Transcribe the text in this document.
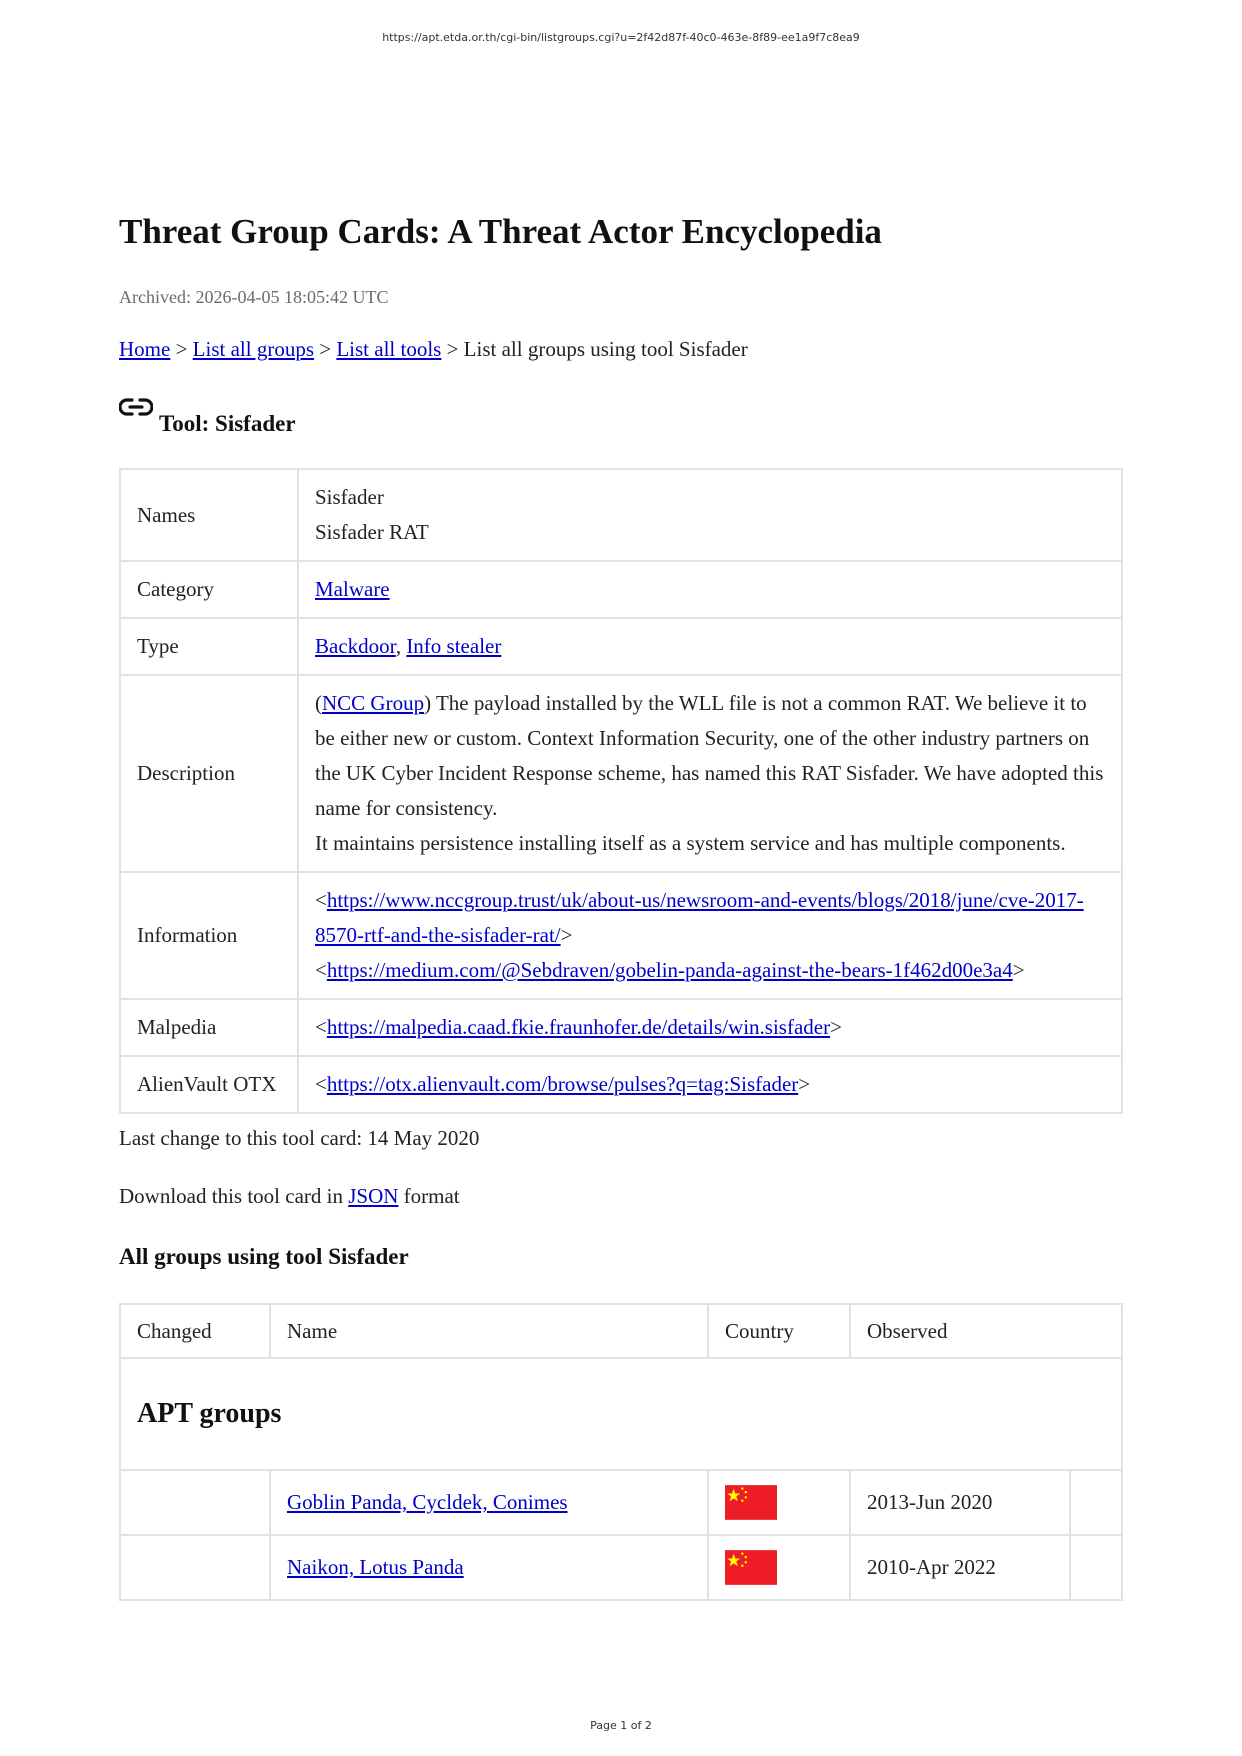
https://apt.etda.or.th/cgi-bin/listgroups.cgi?u=2f42d87f-40c0-463e-8f89-ee1a9f7c8ea9
Threat Group Cards: A Threat Actor Encyclopedia
Archived: 2026-04-05 18:05:42 UTC
Home > List all groups > List all tools > List all groups using tool Sisfader
Tool: Sisfader
Names	Sisfader
Sisfader RAT

Category	Malware
Type	Backdoor, Info stealer
Description	(NCC Group) The payload installed by the WLL file is not a common RAT. We believe it to be either new or custom. Context Information Security, one of the other industry partners on the UK Cyber Incident Response scheme, has named this RAT Sisfader. We have adopted this name for consistency.
It maintains persistence installing itself as a system service and has multiple components.

Information	<https://www.nccgroup.trust/uk/about-us/newsroom-and-events/blogs/2018/june/cve-2017-8570-rtf-and-the-sisfader-rat/>
<https://medium.com/@Sebdraven/gobelin-panda-against-the-bears-1f462d00e3a4>

Malpedia	<https://malpedia.caad.fkie.fraunhofer.de/details/win.sisfader>
AlienVault OTX	<https://otx.alienvault.com/browse/pulses?q=tag:Sisfader>
Last change to this tool card: 14 May 2020
Download this tool card in JSON format
All groups using tool Sisfader
Changed	Name	Country	Observed	
APT groups				
	Goblin Panda, Cycldek, Conimes		2013-Jun 2020	
	Naikon, Lotus Panda		2010-Apr 2022	
Page 1 of 2
